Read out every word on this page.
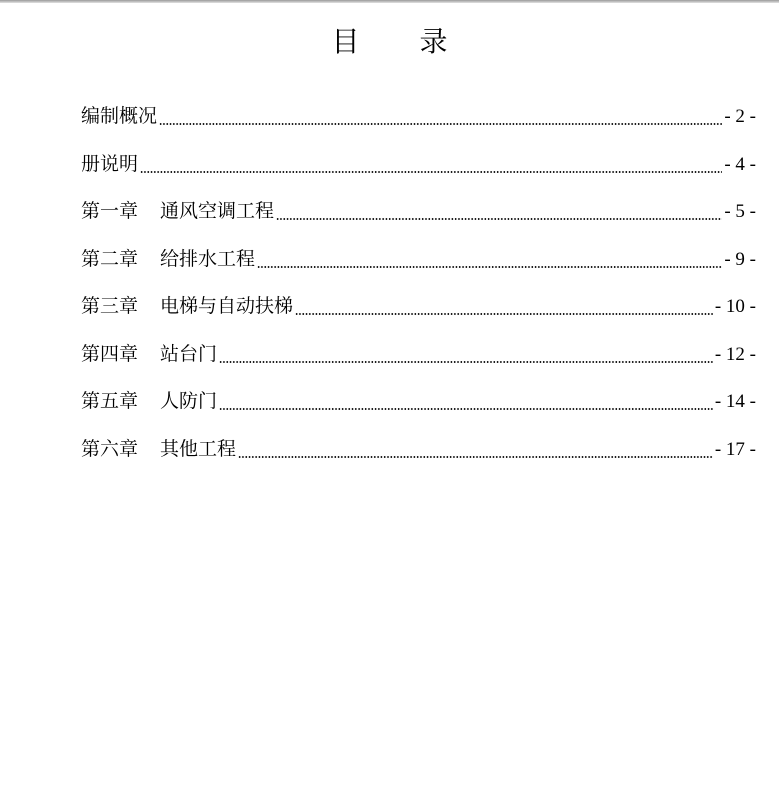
目 录
编制概况	- 2 -
册说明	- 4 -
第一章 通风空调工程	- 5 -
第二章 给排水工程	- 9 -
第三章 电梯与自动扶梯	- 10 -
第四章 站台门	- 12 -
第五章 人防门	- 14 -
第六章 其他工程	- 17 -
